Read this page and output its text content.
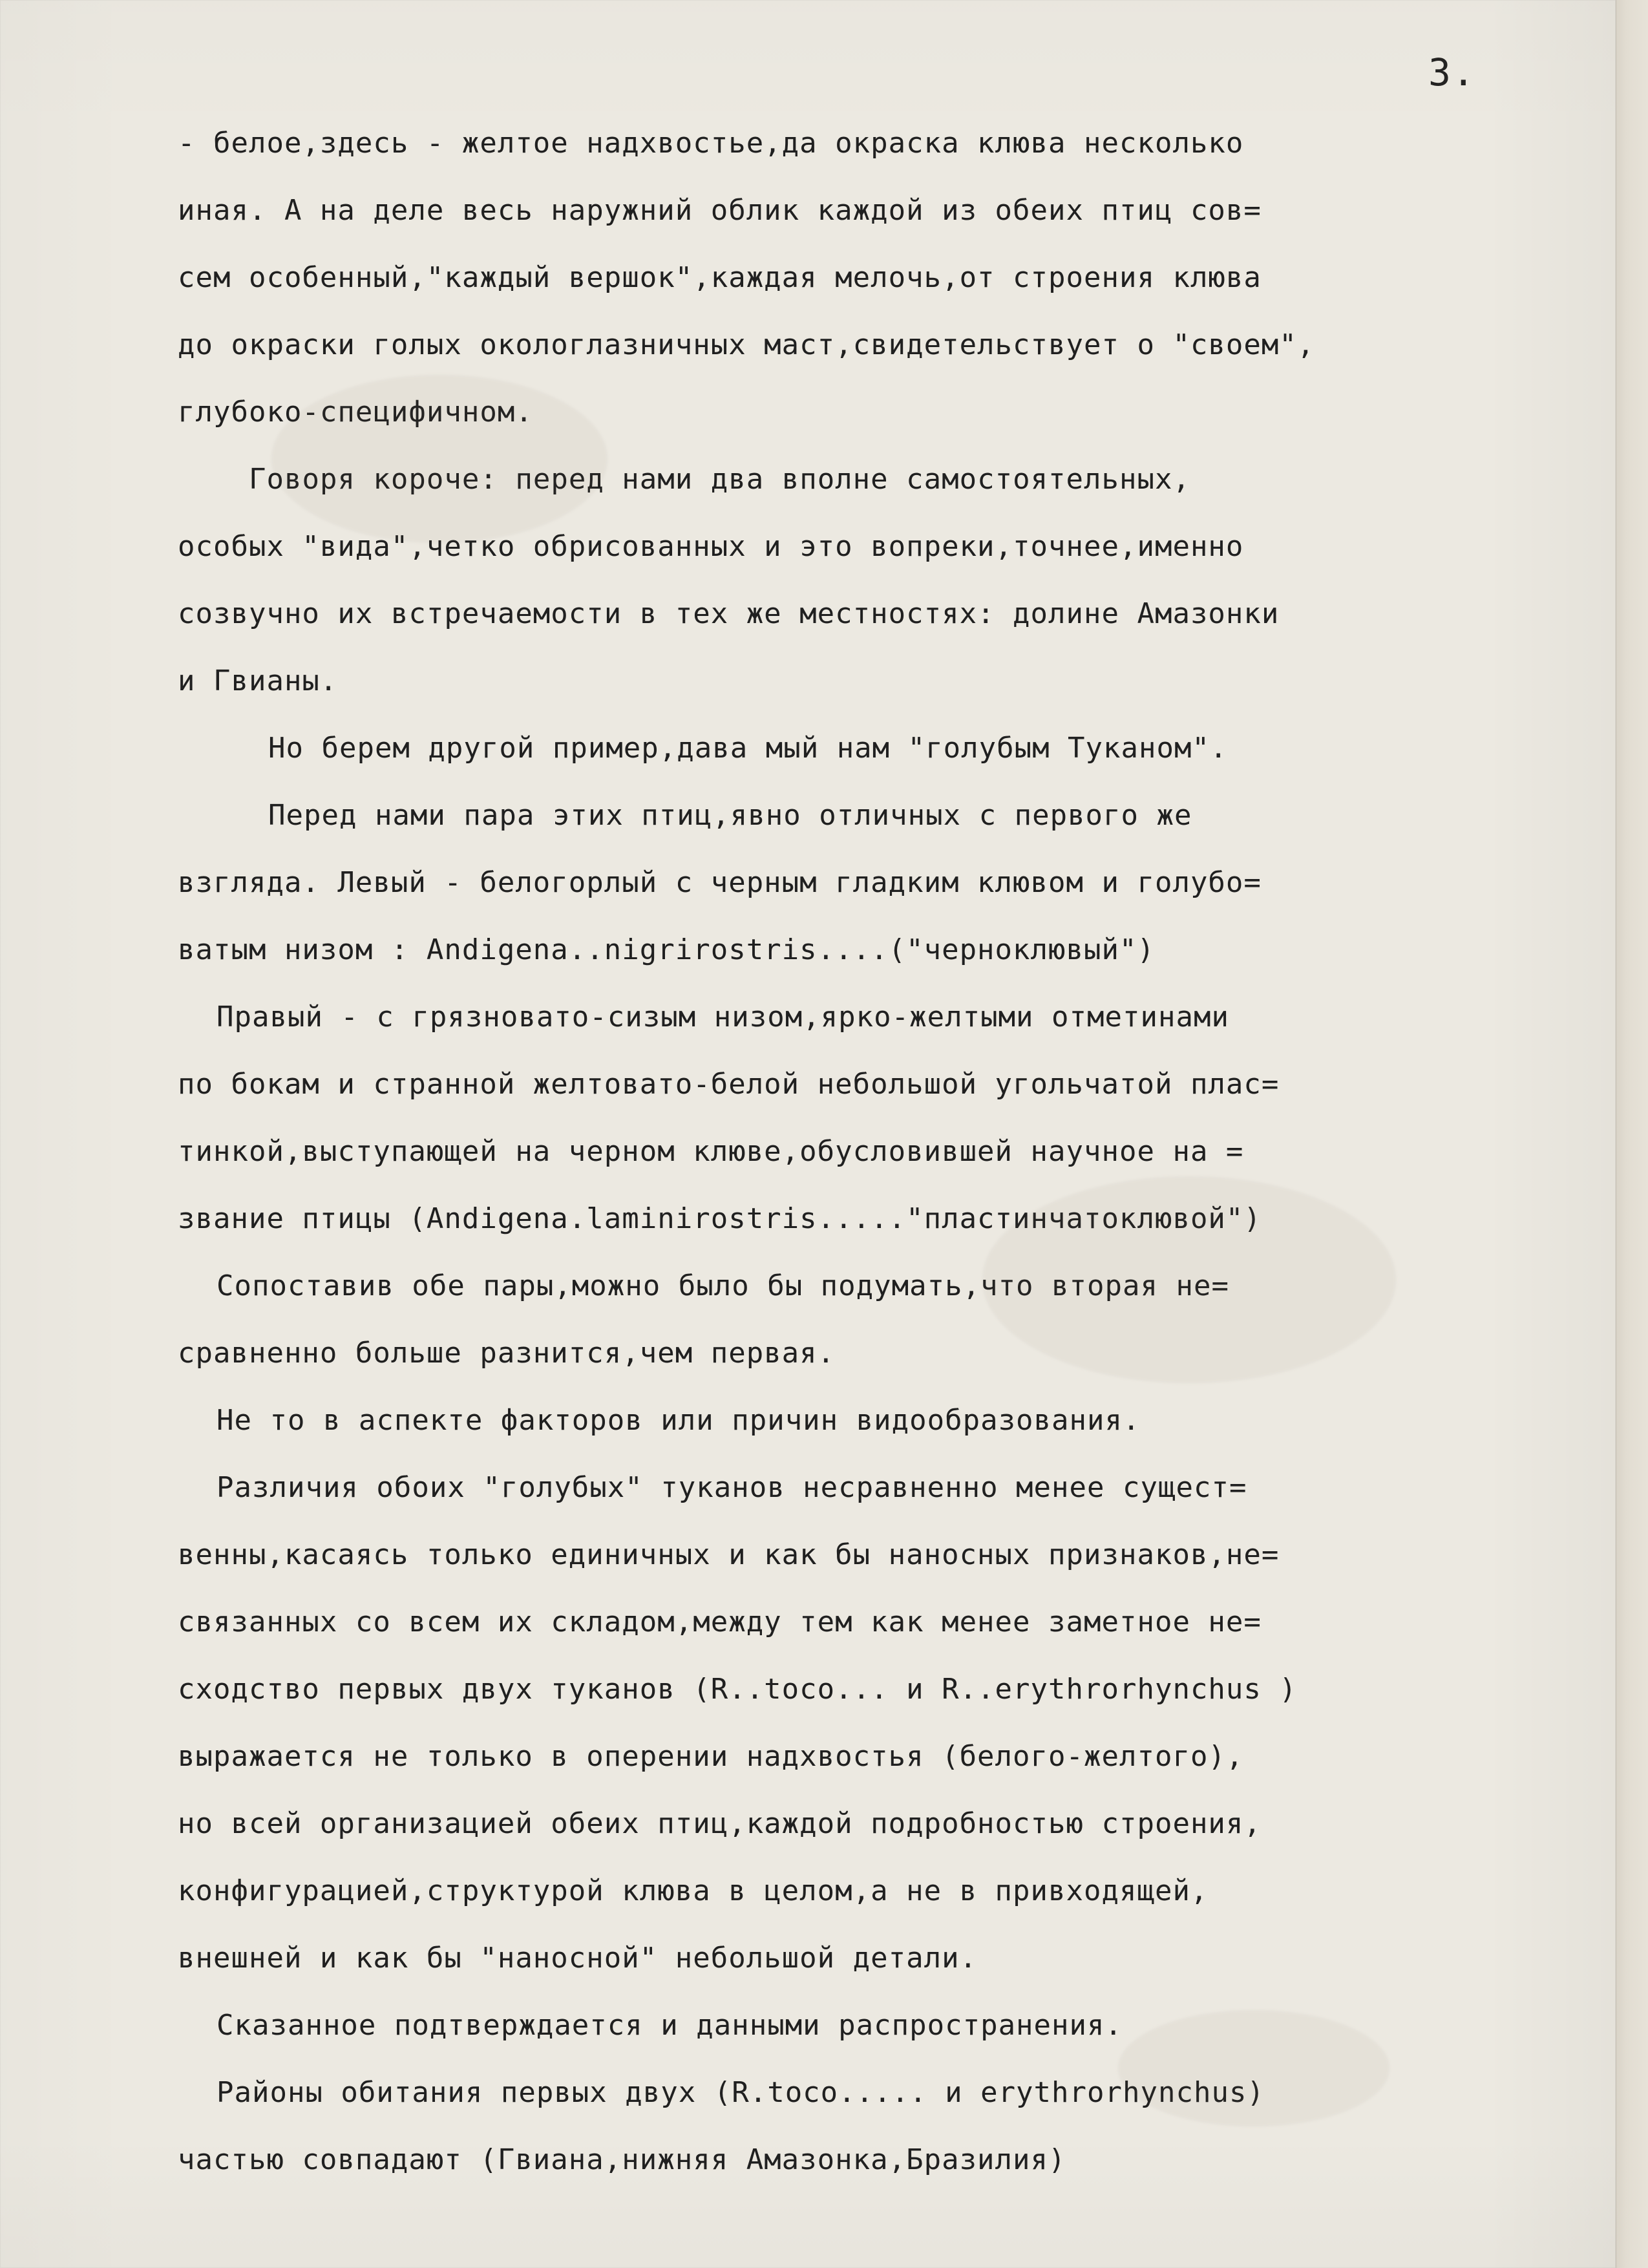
3.
- белое,здесь - желтое надхвостье,да окраска клюва несколько
иная. А на деле весь наружний облик каждой из обеих птиц сов=
сем особенный,"каждый вершок",каждая мелочь,от строения клюва
до окраски голых окологлазничных маст,свидетельствует о "своем",
глубоко-специфичном.
Говоря короче: перед нами два вполне самостоятельных,
особых "вида",четко обрисованных и это вопреки,точнее,именно
созвучно их встречаемости в тех же местностях: долине Амазонки
и Гвианы.
Но берем другой пример,дава мый нам "голубым Туканом".
Перед нами пара этих птиц,явно отличных с первого же
взгляда. Левый - белогорлый с черным гладким клювом и голубо=
ватым низом : Andigena..nigrirostris....("черноклювый")
Правый - с грязновато-сизым низом,ярко-желтыми отметинами
по бокам и странной желтовато-белой небольшой угольчатой плас=
тинкой,выступающей на черном клюве,обусловившей научное на =
звание птицы (Andigena.laminirostris....."пластинчатоклювой")
Сопоставив обе пары,можно было бы подумать,что вторая не=
сравненно больше разнится,чем первая.
Не то в аспекте факторов или причин видообразования.
Различия обоих "голубых" туканов несравненно менее сущест=
венны,касаясь только единичных и как бы наносных признаков,не=
связанных со всем их складом,между тем как менее заметное не=
сходство первых двух туканов (R..toco... и R..erythrorhynchus )
выражается не только в оперении надхвостья (белого-желтого),
но всей организацией обеих птиц,каждой подробностью строения,
конфигурацией,структурой клюва в целом,а не в привходящей,
внешней и как бы "наносной" небольшой детали.
Сказанное подтверждается и данными распространения.
Районы обитания первых двух (R.toco..... и erythrorhynchus)
частью совпадают (Гвиана,нижняя Амазонка,Бразилия)
